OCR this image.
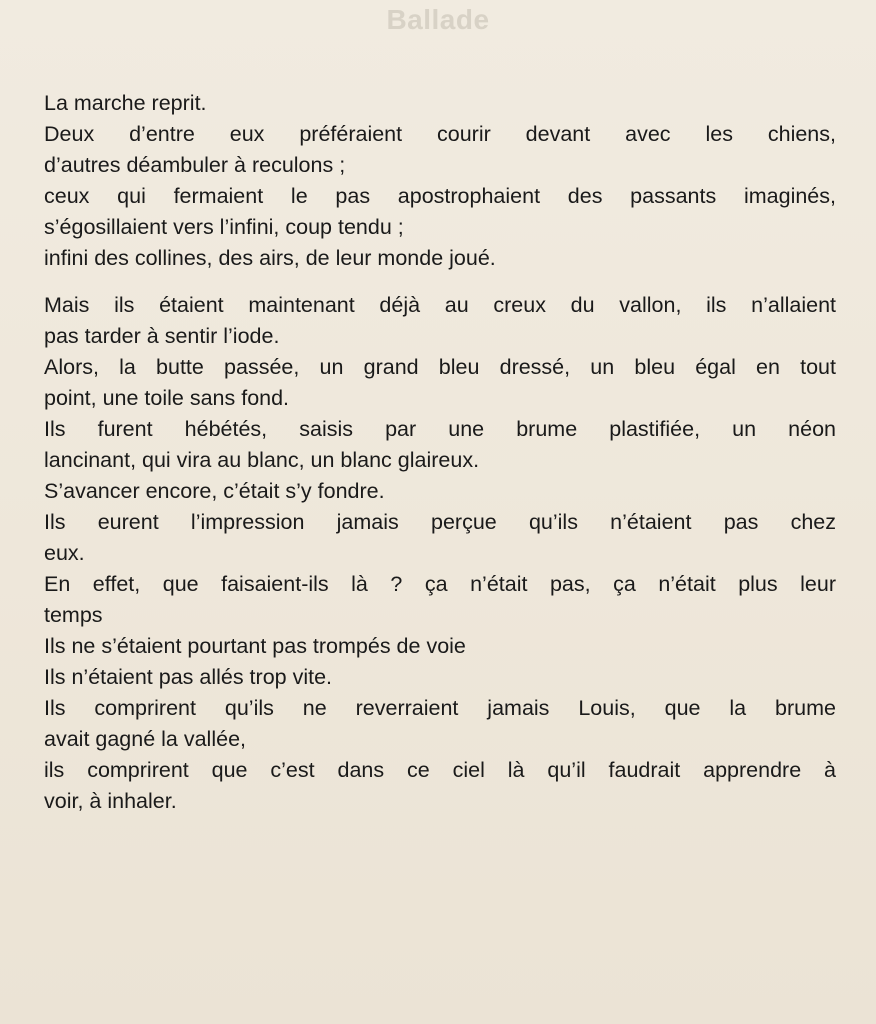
Ballade

La marche reprit.
Deux d’entre eux préféraient courir devant avec les chiens,
d’autres déambuler à reculons ;
ceux qui fermaient le pas apostrophaient des passants imaginés,
s’égosillaient vers l’infini, coup tendu ;
infini des collines, des airs, de leur monde joué.

Mais ils étaient maintenant déjà au creux du vallon, ils n’allaient
pas tarder à sentir l’iode.
Alors, la butte passée, un grand bleu dressé, un bleu égal en tout
point, une toile sans fond.
Ils furent hébétés, saisis par une brume plastifiée, un néon
lancinant, qui vira au blanc, un blanc glaireux.
S’avancer encore, c’était s’y fondre.
Ils eurent l’impression jamais perçue qu’ils n’étaient pas chez
eux.
En effet, que faisaient-ils là ? ça n’était pas, ça n’était plus leur
temps
Ils ne s’étaient pourtant pas trompés de voie
Ils n’étaient pas allés trop vite.
Ils comprirent qu’ils ne reverraient jamais Louis, que la brume
avait gagné la vallée,
ils comprirent que c’est dans ce ciel là qu’il faudrait apprendre à
voir, à inhaler.
